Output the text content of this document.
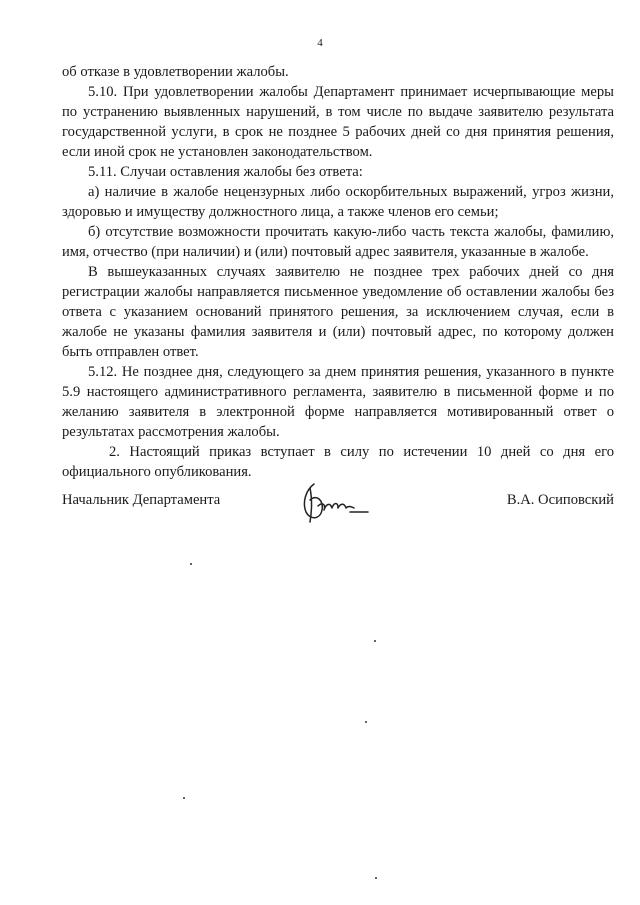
4

об отказе в удовлетворении жалобы.

5.10. При удовлетворении жалобы Департамент принимает исчерпывающие меры по устранению выявленных нарушений, в том числе по выдаче заявителю результата государственной услуги, в срок не позднее 5 рабочих дней со дня принятия решения, если иной срок не установлен законодательством.

5.11. Случаи оставления жалобы без ответа:

а) наличие в жалобе нецензурных либо оскорбительных выражений, угроз жизни, здоровью и имуществу должностного лица, а также членов его семьи;

б) отсутствие возможности прочитать какую-либо часть текста жалобы, фамилию, имя, отчество (при наличии) и (или) почтовый адрес заявителя, указанные в жалобе.

В вышеуказанных случаях заявителю не позднее трех рабочих дней со дня регистрации жалобы направляется письменное уведомление об оставлении жалобы без ответа с указанием оснований принятого решения, за исключением случая, если в жалобе не указаны фамилия заявителя и (или) почтовый адрес, по которому должен быть отправлен ответ.

5.12. Не позднее дня, следующего за днем принятия решения, указанного в пункте 5.9 настоящего административного регламента, заявителю в письменной форме и по желанию заявителя в электронной форме направляется мотивированный ответ о результатах рассмотрения жалобы.

2. Настоящий приказ вступает в силу по истечении 10 дней со дня его официального опубликования.

Начальник Департамента	В.А. Осиповский
